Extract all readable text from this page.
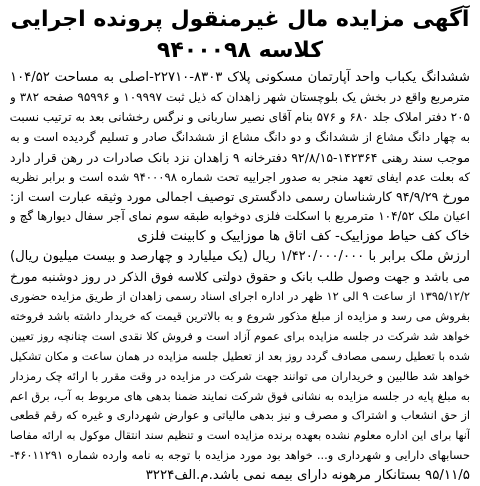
آگهی مزایده مال غیرمنقول پرونده اجرایی
کلاسه ۹۴۰۰۰۹۸
ششدانگ یکباب واحد آپارتمان مسکونی پلاک ۸۳۰۳-۲۲۷۱۰-اصلی به مساحت ۱۰۴/۵۲
مترمربع واقع در بخش یک بلوچستان شهر زاهدان که ذیل ثبت ۱۰۹۹۹۷ و ۹۵۹۹۶ صفحه ۳۸۲ و
۲۰۵ دفتر املاک جلد ۶۸۰ و ۵۷۶ بنام آقای نصیر ساربانی و نرگس رخشانی بعد به ترتیب نسبت
به چهار دانگ مشاع از ششدانگ و دو دانگ مشاع از ششدانگ صادر و تسلیم گردیده است و به
موجب سند رهنی ۱۴۲۳۶۴-۹۲/۸/۱۵ دفترخانه ۹ زاهدان نزد بانک صادرات در رهن قرار دارد
که بعلت عدم ایفای تعهد منجر به صدور اجراییه تحت شماره ۹۴۰۰۰۹۸ شده است و برابر نظریه
مورخ ۹۴/۹/۲۹ کارشناسان رسمی دادگستری توصیف اجمالی مورد وثیقه عبارت است از:
اعیان ملک ۱۰۴/۵۲ مترمربع با اسکلت فلزی دوخوابه طبقه سوم نمای آجر سفال دیوارها گچ و
خاک کف حیاط موزاییک- کف اتاق ها موزاییک و کابینت فلزی
ارزش ملک برابر با ۱/۴۲۰/۰۰۰/۰۰۰ ریال (یک میلیارد و چهارصد و بیست میلیون ریال)
می باشد و جهت وصول طلب بانک و حقوق دولتی کلاسه فوق الذکر در روز دوشنبه مورخ
۱۳۹۵/۱۲/۲ از ساعت ۹ الی ۱۲ ظهر در اداره اجرای اسناد رسمی زاهدان از طریق مزایده حضوری
بفروش می رسد و مزایده از مبلغ مذکور شروع و به بالاترین قیمت که خریدار داشته باشد فروخته
خواهد شد شرکت در جلسه مزایده برای عموم آزاد است و فروش کلا نقدی است چنانچه روز تعیین
شده با تعطیل رسمی مصادف گردد روز بعد از تعطیل جلسه مزایده در همان ساعت و مکان تشکیل
خواهد شد طالبین و خریداران می توانند جهت شرکت در مزایده در وقت مقرر با ارائه چک رمزدار
به مبلغ پایه در جلسه مزایده به نشانی فوق شرکت نمایند ضمنا بدهی های مربوط به آب، برق اعم
از حق انشعاب و اشتراک و مصرف و نیز بدهی مالیاتی و عوارض شهرداری و غیره که رقم قطعی
آنها برای این اداره معلوم نشده بعهده برنده مزایده است و تنظیم سند انتقال موکول به ارائه مفاصا
حسابهای دارایی و شهرداری و... خواهد بود مورد مزایده با توجه به نامه وارده شماره ۴۶۰۱۱۲۹۱-
۹۵/۱۱/۵ بستانکار مرهونه دارای بیمه نمی باشد.م.الف۳۲۲۴
